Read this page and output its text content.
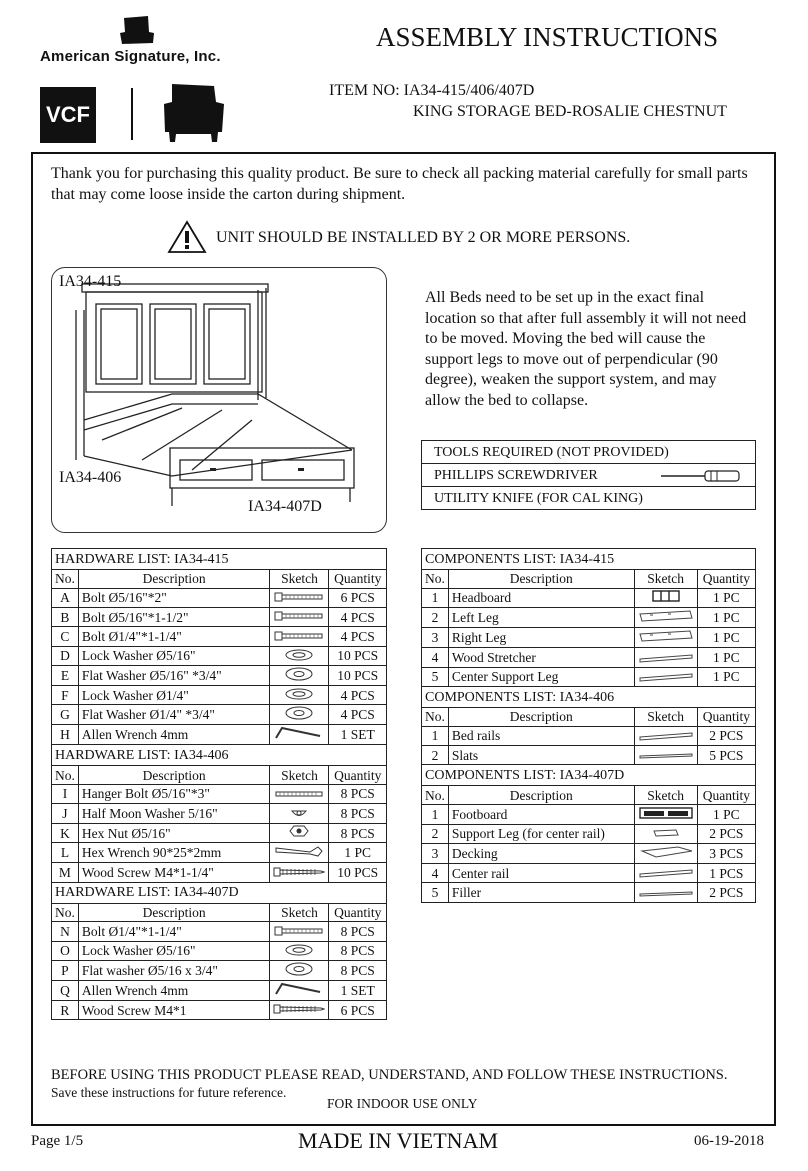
American Signature, Inc.
ASSEMBLY INSTRUCTIONS
VCF
ITEM NO: IA34-415/406/407D
KING STORAGE BED-ROSALIE CHESTNUT
Thank you for purchasing this quality product. Be sure to check all packing material carefully for small parts that may come loose inside the carton during shipment.
UNIT SHOULD BE INSTALLED BY 2 OR MORE PERSONS.
IA34-415
IA34-406
IA34-407D
All Beds need to be set up in the exact final location so that after full assembly it will not need to be moved. Moving the bed will cause the support legs to move out of perpendicular (90 degree), weaken the support system, and may allow the bed to collapse.
TOOLS REQUIRED (NOT PROVIDED)
PHILLIPS SCREWDRIVER

UTILITY KNIFE (FOR CAL KING)
HARDWARE LIST: IA34-415			
No.	Description	Sketch	Quantity
A	Bolt Ø5/16"*2"		6 PCS
B	Bolt Ø5/16"*1-1/2"		4 PCS
C	Bolt Ø1/4"*1-1/4"		4 PCS
D	Lock Washer Ø5/16"		10 PCS
E	Flat Washer Ø5/16" *3/4"		10 PCS
F	Lock Washer Ø1/4"		4 PCS
G	Flat Washer Ø1/4" *3/4"		4 PCS
H	Allen Wrench 4mm		1 SET
HARDWARE LIST: IA34-406			
No.	Description	Sketch	Quantity
I	Hanger Bolt Ø5/16"*3"		8 PCS
J	Half Moon Washer 5/16"		8 PCS
K	Hex Nut Ø5/16"		8 PCS
L	Hex Wrench 90*25*2mm		1 PC
M	Wood Screw M4*1-1/4"		10 PCS
HARDWARE LIST: IA34-407D			
No.	Description	Sketch	Quantity
N	Bolt Ø1/4"*1-1/4"		8 PCS
O	Lock Washer Ø5/16"		8 PCS
P	Flat washer Ø5/16 x 3/4"		8 PCS
Q	Allen Wrench 4mm		1 SET
R	Wood Screw M4*1		6 PCS
COMPONENTS LIST: IA34-415			
No.	Description	Sketch	Quantity
1	Headboard		1 PC
2	Left Leg		1 PC
3	Right Leg		1 PC
4	Wood Stretcher		1 PC
5	Center Support Leg		1 PC
COMPONENTS LIST: IA34-406			
No.	Description	Sketch	Quantity
1	Bed rails		2 PCS
2	Slats		5 PCS
COMPONENTS LIST: IA34-407D			
No.	Description	Sketch	Quantity
1	Footboard		1 PC
2	Support Leg (for center rail)		2 PCS
3	Decking		3 PCS
4	Center rail		1 PCS
5	Filler		2 PCS
BEFORE USING THIS PRODUCT PLEASE READ, UNDERSTAND, AND FOLLOW THESE INSTRUCTIONS.
Save these instructions for future reference.
FOR INDOOR USE ONLY
Page 1/5	MADE IN VIETNAM	06-19-2018
